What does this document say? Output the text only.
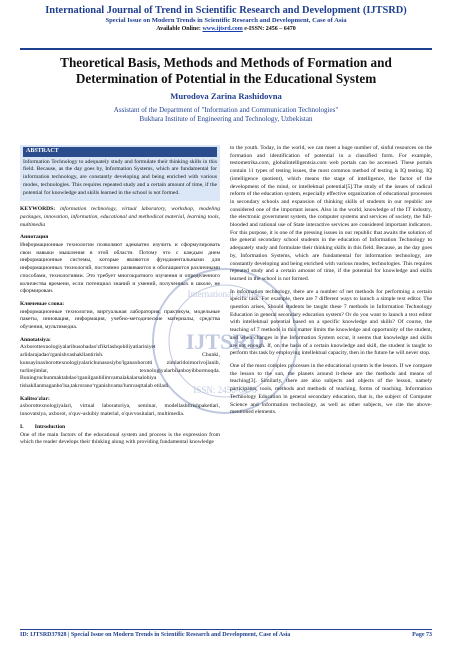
International Journal of Trend in Scientific Research and Development (IJTSRD)
Special Issue on Modern Trends in Scientific Research and Development, Case of Asia
Available Online: www.ijtsrd.com e-ISSN: 2456 – 6470
Theoretical Basis, Methods and Methods of Formation and Determination of Potential in the Educational System
Murodova Zarina Rashidovna
Assistant of the Department of "Information and Communication Technologies"
Bukhara Institute of Engineering and Technology, Uzbekistan
ABSTRACT

Information Technology to adequately study and formulate their thinking skills in this field. Because, as the day goes by, Information Systems, which are fundamental for information technology, are constantly developing and being enriched with various modes, technologies. This requires repeated study and a certain amount of time, if the potential for knowledge and skills learned in the school is not formed.

KEYWORDS: information technology, virtual laboratory, workshop, modeling packages, innovation, information, educational and methodical material, learning tools, multimedia

Аннотация

Информационные технологии позволяют адекватно изучить и сформулировать свои навыки мышления в этой области. Потому что с каждым днем информационные системы, которые являются фундаментальными для информационных технологий, постоянно развиваются и обогащаются различными способами, технологиями. Это требует многократного изучения и определенного количества времени, если потенциал знаний и умений, полученных в школе, не сформирован.

Ключевые слова:

информационные технологии, виртуальная лаборатория, практикум, модельные пакеты, инновация, информация, учебно-методические материалы, средства обучения, мультимедиа.

Annotatsiya:

Axborottexnologiyalaribusohadao'zfikrlashqobiliyatlariniyet arlidarajadao'rganishvashakllantirish. Chunki, kunsayinaxborottexnologiyalarichunasosiybo'lganaxborotti zimlaridoimorivojlanib, turlirejimlar, texnologiyalarbilanboyibbormoqda. Buningruchunmaktabdao'rganilganbilimvamalakalarsalohiya tishakllanmaganbo'lsa,takroranoʻrganishvama'lumvaqttalab etiladi.

Kalitso'zlar:

axborottexnologiyalari, virtual laboratoriya, seminar, modellashtirishpaketlari, innovatsiya, axborot, o'quv-uslubiy material, o'quvvositalari, multimedia.

I.        Introduction

One of the main factors of the educational system and process is the expression from which the reader develops their thinking along with providing fundamental knowledge

to the youth. Today, in the world, we can meet a huge number of, sinful resources on the formation and identification of potential in a classified form. For example, testometrika.com, globalintelligentsia.com web portals can be accessed. These portals contain 11 types of testing issues, the most common method of testing is IQ testing. IQ (intelligence quotient), which means the stage of intelligence, the factor of the development of the mind, or intellektual potential[5].The study of the issues of radical reform of the education system, especially effective organization of educational processes in secondary schools and expansion of thinking skills of students in our republic are considered one of the important issues. Also in the world, knowledge of the IT industry, the electronic government system, the computer systems and services of society, the full-blooded and rational use of State interactive services are considered important indicators. For this purpose, it is one of the pressing issues in our republic that awaits the solution of the general secondary school students in the education of Information Technology to adequately study and formulate their thinking skills in this field. Because, as the day goes by, Information Systems, which are fundamental for information technology, are constantly developing and being enriched with various modes, technologies. This requires repeated study and a certain amount of time, if the potential for knowledge and skills learned in the school is not formed.

In information technology, there are a number of net methods for performing a certain specific task. For example, there are 7 different ways to launch a simple text editor. The question arises, Should students be taught these 7 methods in Information Technology Education in general secondary education system? Or do you want to launch a text editor with intellektual potential based on a specific knowledge and skills? Of course, the teaching of 7 methods in this matter limits the knowledge and opportunity of the student, and when changes in the Information System occur, it seems that knowledge and skills are not enough. If, on the basis of a certain knowledge and skill, the student is taught to perform this task by employing intellektual capacity, then in the future he will never stop.

One of the most complex processes in the educational system is the lesson. If we compare the lesson to the sun, the planets around it-these are the methods and means of teaching[3]. Similarly, there are also subjects and objects of the lesson, namely participants, tools, methods and methods of teaching, forms of teaching. Information Technology Education in general secondary education, that is, the subject of Computer Science and information technology, as well as other subjects, we cite the above-mentioned elements.

International Journal
IJTSRD
ISSN: 2456-6470
ID: IJTSRD37928 | Special Issue on Modern Trends in Scientific Research and Development, Case of Asia	Page 73
